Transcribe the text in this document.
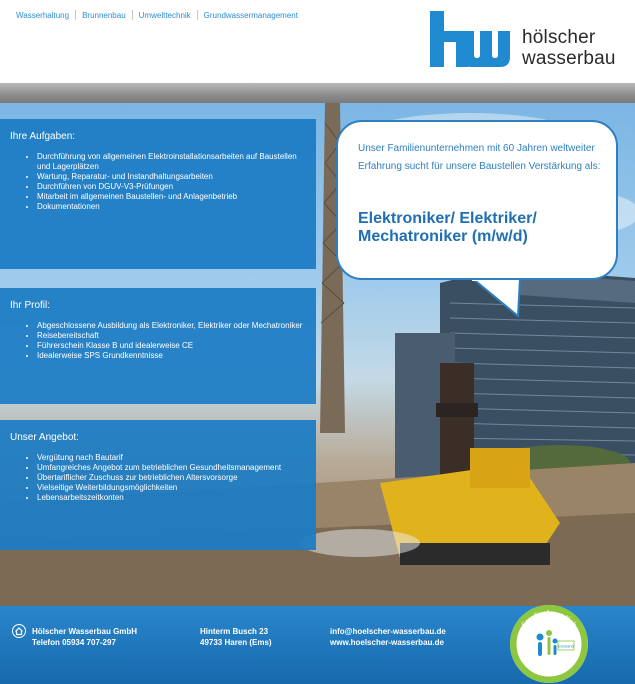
Wasserhaltung	Brunnenbau	Umwelttechnik	Grundwassermanagement
hölscher
wasserbau
Unser Familienunternehmen mit 60 Jahren weltweiter Erfahrung sucht für unsere Baustellen Verstärkung als:
Elektroniker/ Elektriker/ Mechatroniker (m/w/d)
Ihre Aufgaben:
• Durchführung von allgemeinen Elektroinstallationsarbeiten auf Baustellen und Lagerplätzen
• Wartung, Reparatur- und Instandhaltungsarbeiten
• Durchführen von DGUV-V3-Prüfungen
• Mitarbeit im allgemeinen Baustellen- und Anlagenbetrieb
• Dokumentationen
Ihr Profil:
• Abgeschlossene Ausbildung als Elektroniker, Elektriker oder Mechatroniker
• Reisebereitschaft
• Führerschein Klasse B und idealerweise CE
• Idealerweise SPS Grundkenntnisse
Unser Angebot:
• Vergütung nach Bautarif
• Umfangreiches Angebot zum betrieblichen Gesundheitsmanagement
• Übertariflicher Zuschuss zur betrieblichen Altersvorsorge
• Vielseitige Weiterbildungsmöglichkeiten
• Lebensarbeitszeitkonten
Hölscher Wasserbau GmbH
Telefon 05934 707-297
Hinterm Busch 23
49733 Haren (Ems)
info@hoelscher-wasserbau.de
www.hoelscher-wasserbau.de
Familienfreundlich
zertifiziert
Emsland
